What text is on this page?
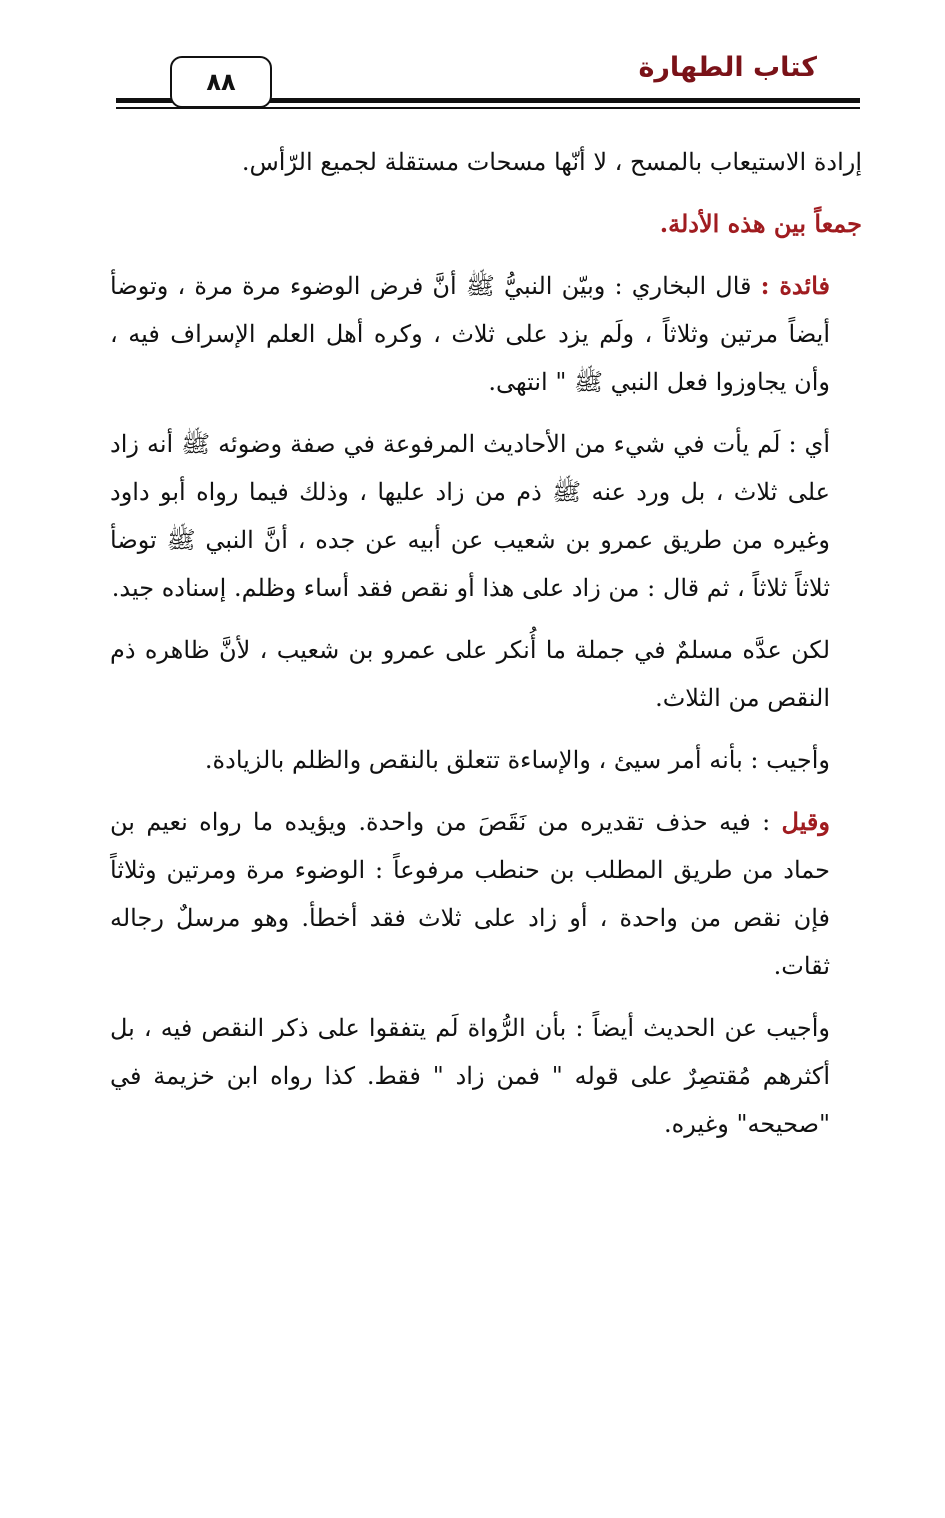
كتاب الطهارة
٨٨

إرادة الاستيعاب بالمسح ، لا أنّها مسحات مستقلة لجميع الرّأس.

جمعاً بين هذه الأدلة.

فائدة : قال البخاري : وبيّن النبيُّ ﷺ أنَّ فرض الوضوء مرة مرة ، وتوضأ أيضاً مرتين وثلاثاً ، ولَم يزد على ثلاث ، وكره أهل العلم الإسراف فيه ، وأن يجاوزوا فعل النبي ﷺ " انتهى.

أي : لَم يأت في شيء من الأحاديث المرفوعة في صفة وضوئه ﷺ أنه زاد على ثلاث ، بل ورد عنه ﷺ ذم من زاد عليها ، وذلك فيما رواه أبو داود وغيره من طريق عمرو بن شعيب عن أبيه عن جده ، أنَّ النبي ﷺ توضأ ثلاثاً ثلاثاً ، ثم قال : من زاد على هذا أو نقص فقد أساء وظلم. إسناده جيد.

لكن عدَّه مسلمٌ في جملة ما أُنكر على عمرو بن شعيب ، لأنَّ ظاهره ذم النقص من الثلاث.

وأجيب : بأنه أمر سيئ ، والإساءة تتعلق بالنقص والظلم بالزيادة.

وقيل : فيه حذف تقديره من نَقَصَ من واحدة. ويؤيده ما رواه نعيم بن حماد من طريق المطلب بن حنطب مرفوعاً : الوضوء مرة ومرتين وثلاثاً فإن نقص من واحدة ، أو زاد على ثلاث فقد أخطأ. وهو مرسلٌ رجاله ثقات.

وأجيب عن الحديث أيضاً : بأن الرُّواة لَم يتفقوا على ذكر النقص فيه ، بل أكثرهم مُقتصِرٌ على قوله " فمن زاد " فقط. كذا رواه ابن خزيمة في "صحيحه" وغيره.
